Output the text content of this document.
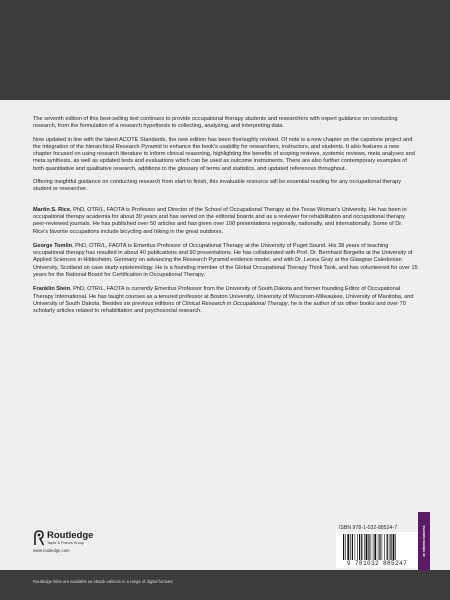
The seventh edition of this best-selling text continues to provide occupational therapy students and researchers with expert guidance on conducting research, from the formulation of a research hypothesis to collecting, analyzing, and interpreting data.

Now updated in line with the latest ACOTE Standards, the new edition has been thoroughly revised. Of note is a new chapter on the capstone project and the integration of the hierarchical Research Pyramid to enhance the book's usability for researchers, instructors, and students. It also features a new chapter focused on using research literature to inform clinical reasoning, highlighting the benefits of scoping reviews, systemic reviews, meta analyses and meta synthesis, as well as updated tests and evaluations which can be used as outcome instruments. There are also further contemporary examples of both quantitative and qualitative research, additions to the glossary of terms and statistics, and updated references throughout.

Offering insightful guidance on conducting research from start to finish, this invaluable resource will be essential reading for any occupational therapy student or researcher.

Martin S. Rice, PhD, OTR/L, FAOTA is Professor and Director of the School of Occupational Therapy at the Texas Woman's University. He has been in occupational therapy academia for about 30 years and has served on the editorial boards and as a reviewer for rehabilitation and occupational therapy peer-reviewed journals. He has published over 50 articles and has given over 100 presentations regionally, nationally, and internationally. Some of Dr. Rice's favorite occupations include bicycling and hiking in the great outdoors.

George Tomlin, PhD, OTR/L, FAOTA is Emeritus Professor of Occupational Therapy at the University of Puget Sound. His 38 years of teaching occupational therapy has resulted in about 40 publications and 90 presentations. He has collaborated with Prof. Dr. Bernhard Borgetto at the University of Applied Sciences in Hildesheim, Germany on advancing the Research Pyramid evidence model, and with Dr. Leona Gray at the Glasgow Caledonian University, Scotland on case study epistemology. He is a founding member of the Global Occupational Therapy Think Tank, and has volunteered for over 15 years for the National Board for Certification in Occupational Therapy.

Franklin Stein, PhD, OTR/L, FAOTA is currently Emeritus Professor from the University of South Dakota and former founding Editor of Occupational Therapy International. He has taught courses as a tenured professor at Boston University, University of Wisconsin-Milwaukee, University of Manitoba, and University of South Dakota. Besides six previous editions of Clinical Research in Occupational Therapy, he is the author of six other books and over 70 scholarly articles related to rehabilitation and psychosocial research.

Routledge
Taylor & Francis Group
www.routledge.com
ISBN 978-1-032-88524-7
9 781032 885247
an informa business
Routledge titles are available as eBook editions in a range of digital formats
